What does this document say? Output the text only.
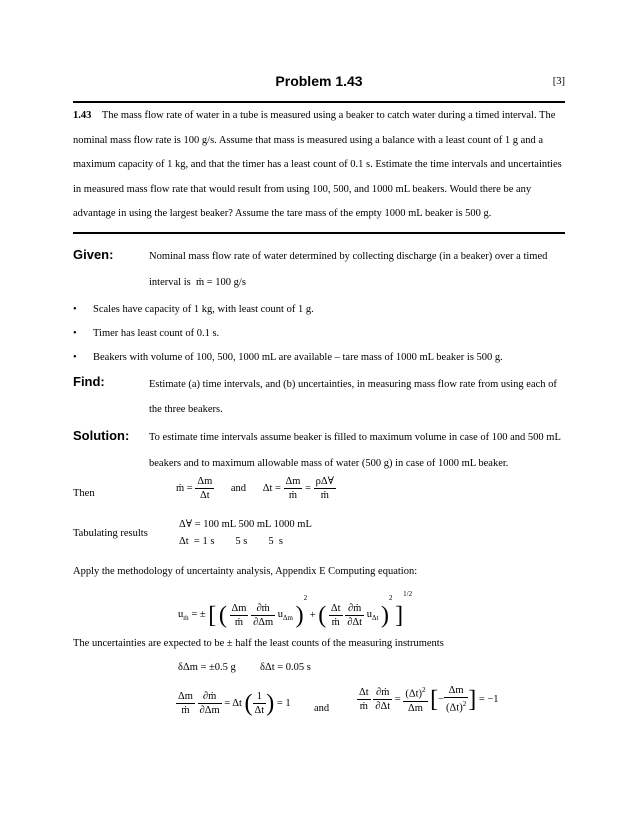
Problem 1.43	[3]

1.43 The mass flow rate of water in a tube is measured using a beaker to catch water during a timed interval. The

nominal mass flow rate is 100 g/s. Assume that mass is measured using a balance with a least count of 1 g and a

maximum capacity of 1 kg, and that the timer has a least count of 0.1 s. Estimate the time intervals and uncertainties

in measured mass flow rate that would result from using 100, 500, and 1000 mL beakers. Would there be any

advantage in using the largest beaker? Assume the tare mass of the empty 1000 mL beaker is 500 g.

Given:	Nominal mass flow rate of water determined by collecting discharge (in a beaker) over a timed
interval is ṁ = 100 g/s
• Scales have capacity of 1 kg, with least count of 1 g.
• Timer has least count of 0.1 s.
• Beakers with volume of 100, 500, 1000 mL are available – tare mass of 1000 mL beaker is 500 g.
Find:	Estimate (a) time intervals, and (b) uncertainties, in measuring mass flow rate from using each of
the three beakers.
Solution: To estimate time intervals assume beaker is filled to maximum volume in case of 100 and 500 mL
beakers and to maximum allowable mass of water (500 g) in case of 1000 mL beaker.
Then	ṁ = $\frac{\Delta m}{\Delta t}$ and $\Delta t = \frac{\Delta m}{\text{ṁ}} = \frac{\rho\Delta\forall}{\text{ṁ}}$
Tabulating results
Δ∀ = 100 mL 500 mL 1000 mL
Δt  = 1 s        5 s        5  s
Apply the methodology of uncertainty analysis, Appendix E Computing equation:
$u_ṁ$ = ± [ ( $\frac{\Delta m}{\text{ṁ}}$
$\frac{\text{∂ṁ}}{\partial\Delta m} u_{\Delta m}$ )$^2$ + ( $\frac{\Delta t}{\text{ṁ}}$
$\frac{\text{∂ṁ}}{\partial\Delta t} u_{\Delta t}$ )$^2$ ]$^{1/2}$
The uncertainties are expected to be ± half the least counts of the measuring instruments
δΔm = ±0.5 g δΔt = 0.05 s
$\frac{\Delta m}{\text{ṁ}}$
$\frac{\text{∂ṁ}}{\partial\Delta m} = \Delta t$ ( $\frac{1}{\Delta t}$ ) = 1 and	$\frac{\Delta t}{\text{ṁ}}$
$\frac{\text{∂ṁ}}{\partial\Delta t} = \frac{(\Delta t)^2}{\Delta m}$ [− $\frac{\Delta m}{(\Delta t)^2}$ ] = −1
